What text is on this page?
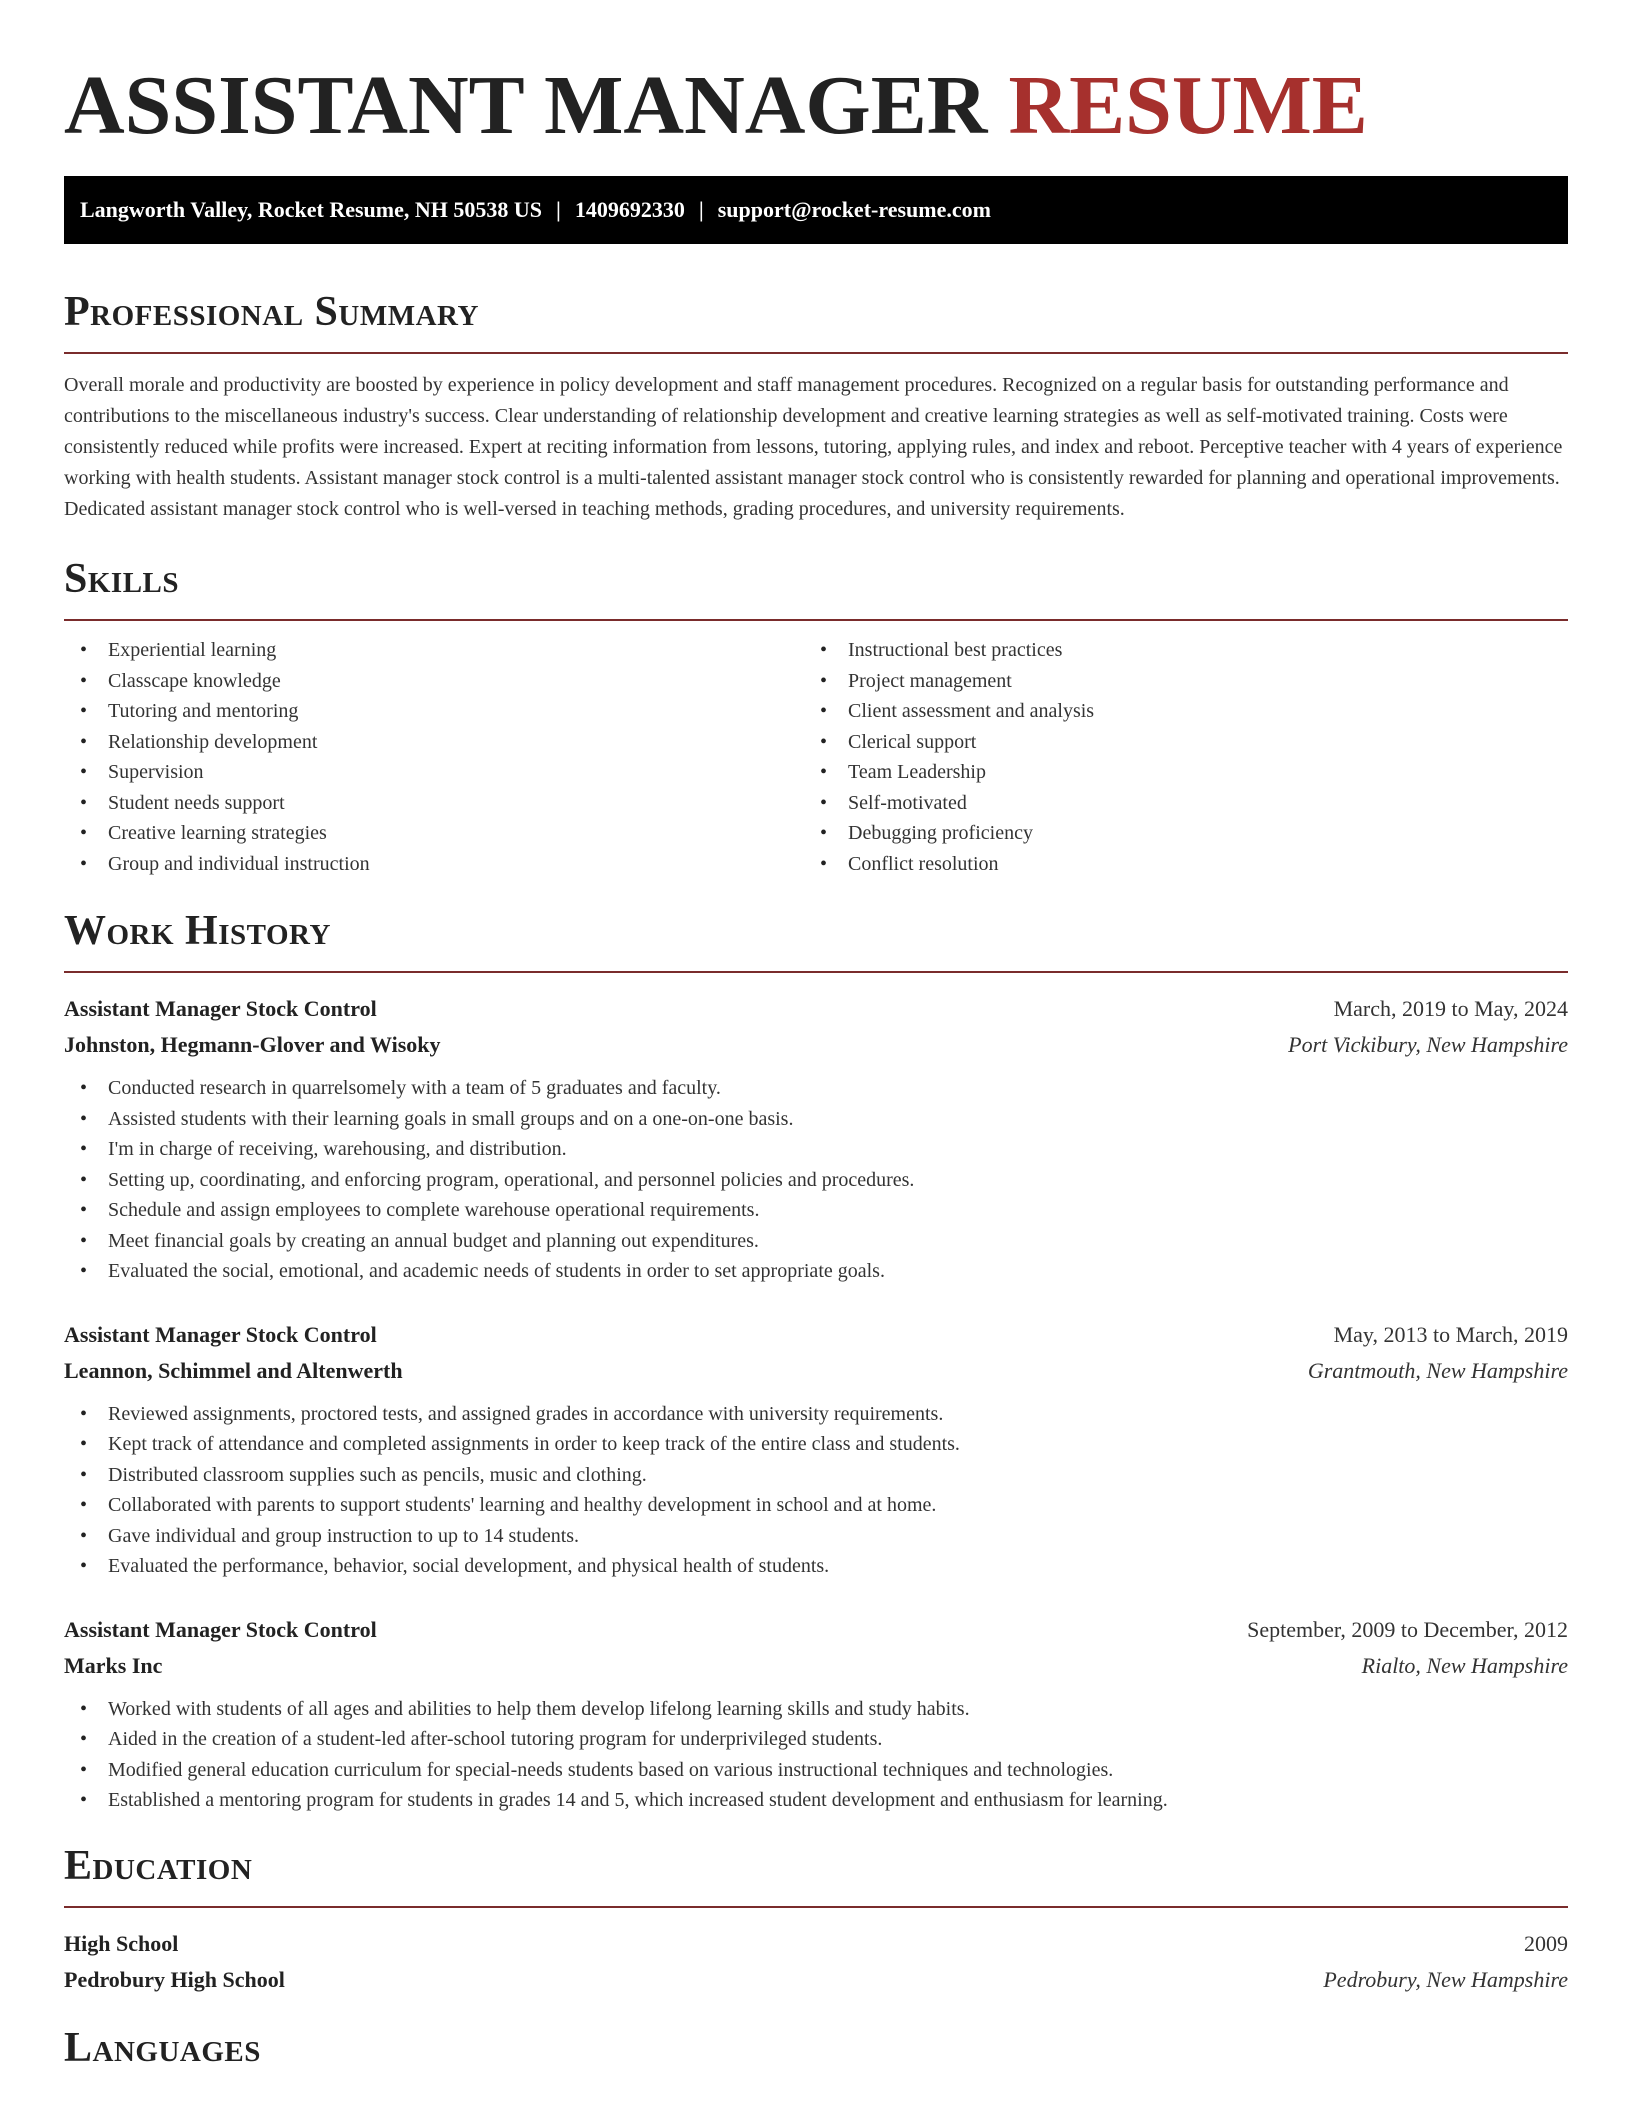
ASSISTANT MANAGER RESUME
Langworth Valley, Rocket Resume, NH 50538 US | 1409692330 | support@rocket-resume.com
Professional Summary

Overall morale and productivity are boosted by experience in policy development and staff management procedures. Recognized on a regular basis for outstanding performance and contributions to the miscellaneous industry's success. Clear understanding of relationship development and creative learning strategies as well as self-motivated training. Costs were consistently reduced while profits were increased. Expert at reciting information from lessons, tutoring, applying rules, and index and reboot. Perceptive teacher with 4 years of experience working with health students. Assistant manager stock control is a multi-talented assistant manager stock control who is consistently rewarded for planning and operational improvements. Dedicated assistant manager stock control who is well-versed in teaching methods, grading procedures, and university requirements.

Skills
• Experiential learning
• Classcape knowledge
• Tutoring and mentoring
• Relationship development
• Supervision
• Student needs support
• Creative learning strategies
• Group and individual instruction
• Instructional best practices
• Project management
• Client assessment and analysis
• Clerical support
• Team Leadership
• Self-motivated
• Debugging proficiency
• Conflict resolution
Work History
Assistant Manager Stock Control	March, 2019 to May, 2024
Johnston, Hegmann-Glover and Wisoky	Port Vickibury, New Hampshire
• Conducted research in quarrelsomely with a team of 5 graduates and faculty.
• Assisted students with their learning goals in small groups and on a one-on-one basis.
• I'm in charge of receiving, warehousing, and distribution.
• Setting up, coordinating, and enforcing program, operational, and personnel policies and procedures.
• Schedule and assign employees to complete warehouse operational requirements.
• Meet financial goals by creating an annual budget and planning out expenditures.
• Evaluated the social, emotional, and academic needs of students in order to set appropriate goals.
Assistant Manager Stock Control	May, 2013 to March, 2019
Leannon, Schimmel and Altenwerth	Grantmouth, New Hampshire
• Reviewed assignments, proctored tests, and assigned grades in accordance with university requirements.
• Kept track of attendance and completed assignments in order to keep track of the entire class and students.
• Distributed classroom supplies such as pencils, music and clothing.
• Collaborated with parents to support students' learning and healthy development in school and at home.
• Gave individual and group instruction to up to 14 students.
• Evaluated the performance, behavior, social development, and physical health of students.
Assistant Manager Stock Control	September, 2009 to December, 2012
Marks Inc	Rialto, New Hampshire
• Worked with students of all ages and abilities to help them develop lifelong learning skills and study habits.
• Aided in the creation of a student-led after-school tutoring program for underprivileged students.
• Modified general education curriculum for special-needs students based on various instructional techniques and technologies.
• Established a mentoring program for students in grades 14 and 5, which increased student development and enthusiasm for learning.
Education
High School	2009
Pedrobury High School	Pedrobury, New Hampshire
Languages
